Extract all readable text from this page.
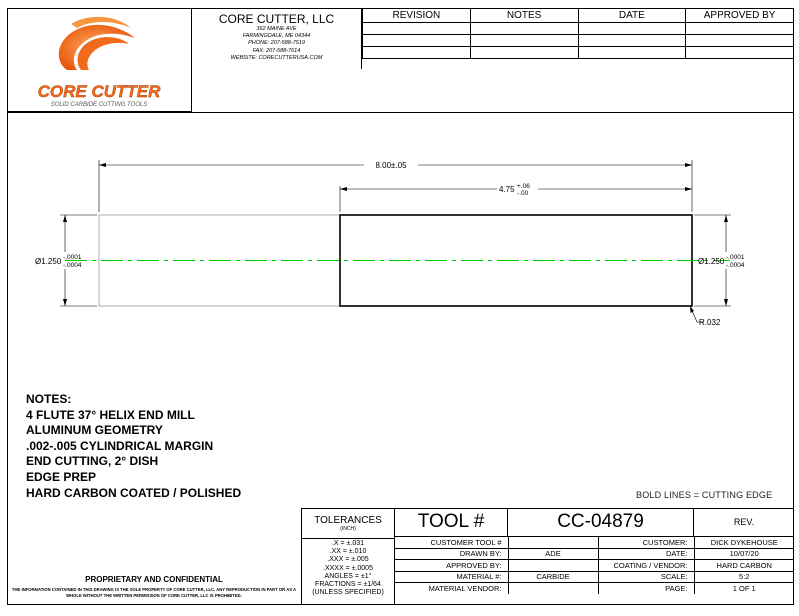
CORE CUTTER
SOLID CARBIDE CUTTING TOOLS
CORE CUTTER, LLC
362 MAINE AVE
FARMINGDALE, ME 04344
PHONE: 207-588-7519
FAX: 207-588-7614
WEBSITE: CORECUTTERUSA.COM
REVISION	NOTES	DATE	APPROVED BY

8.00±.05
4.75 +.06
-.00
Ø1.250 -.0001
-.0004	Ø1.250 -.0001
-.0004
R.032
NOTES:
4 FLUTE 37° HELIX END MILL
ALUMINUM GEOMETRY
.002-.005 CYLINDRICAL MARGIN
END CUTTING, 2° DISH
EDGE PREP
HARD CARBON COATED / POLISHED	BOLD LINES = CUTTING EDGE
TOLERANCES
(INCH)
.X = ±.031
.XX = ±.010
.XXX = ±.005
.XXXX = ±.0005
ANGLES = ±1°
FRACTIONS = ±1/64
(UNLESS SPECIFIED)
TOOL #	CC-04879	REV.
CUSTOMER TOOL #		CUSTOMER:	DICK DYKEHOUSE
DRAWN BY:	ADE	DATE:	10/07/20
APPROVED BY:		COATING / VENDOR:	HARD CARBON
MATERIAL #:	CARBIDE	SCALE:	5:2
MATERIAL VENDOR:		PAGE:	1 OF 1
PROPRIETARY AND CONFIDENTIAL
THE INFORMATION CONTAINED IN THIS DRAWING IS THE SOLE PROPERTY OF CORE CUTTER, LLC. ANY REPRODUCTION IN PART OR AS A WHOLE WITHOUT THE WRITTEN PERMISSION OF CORE CUTTER, LLC IS PROHIBITED.
